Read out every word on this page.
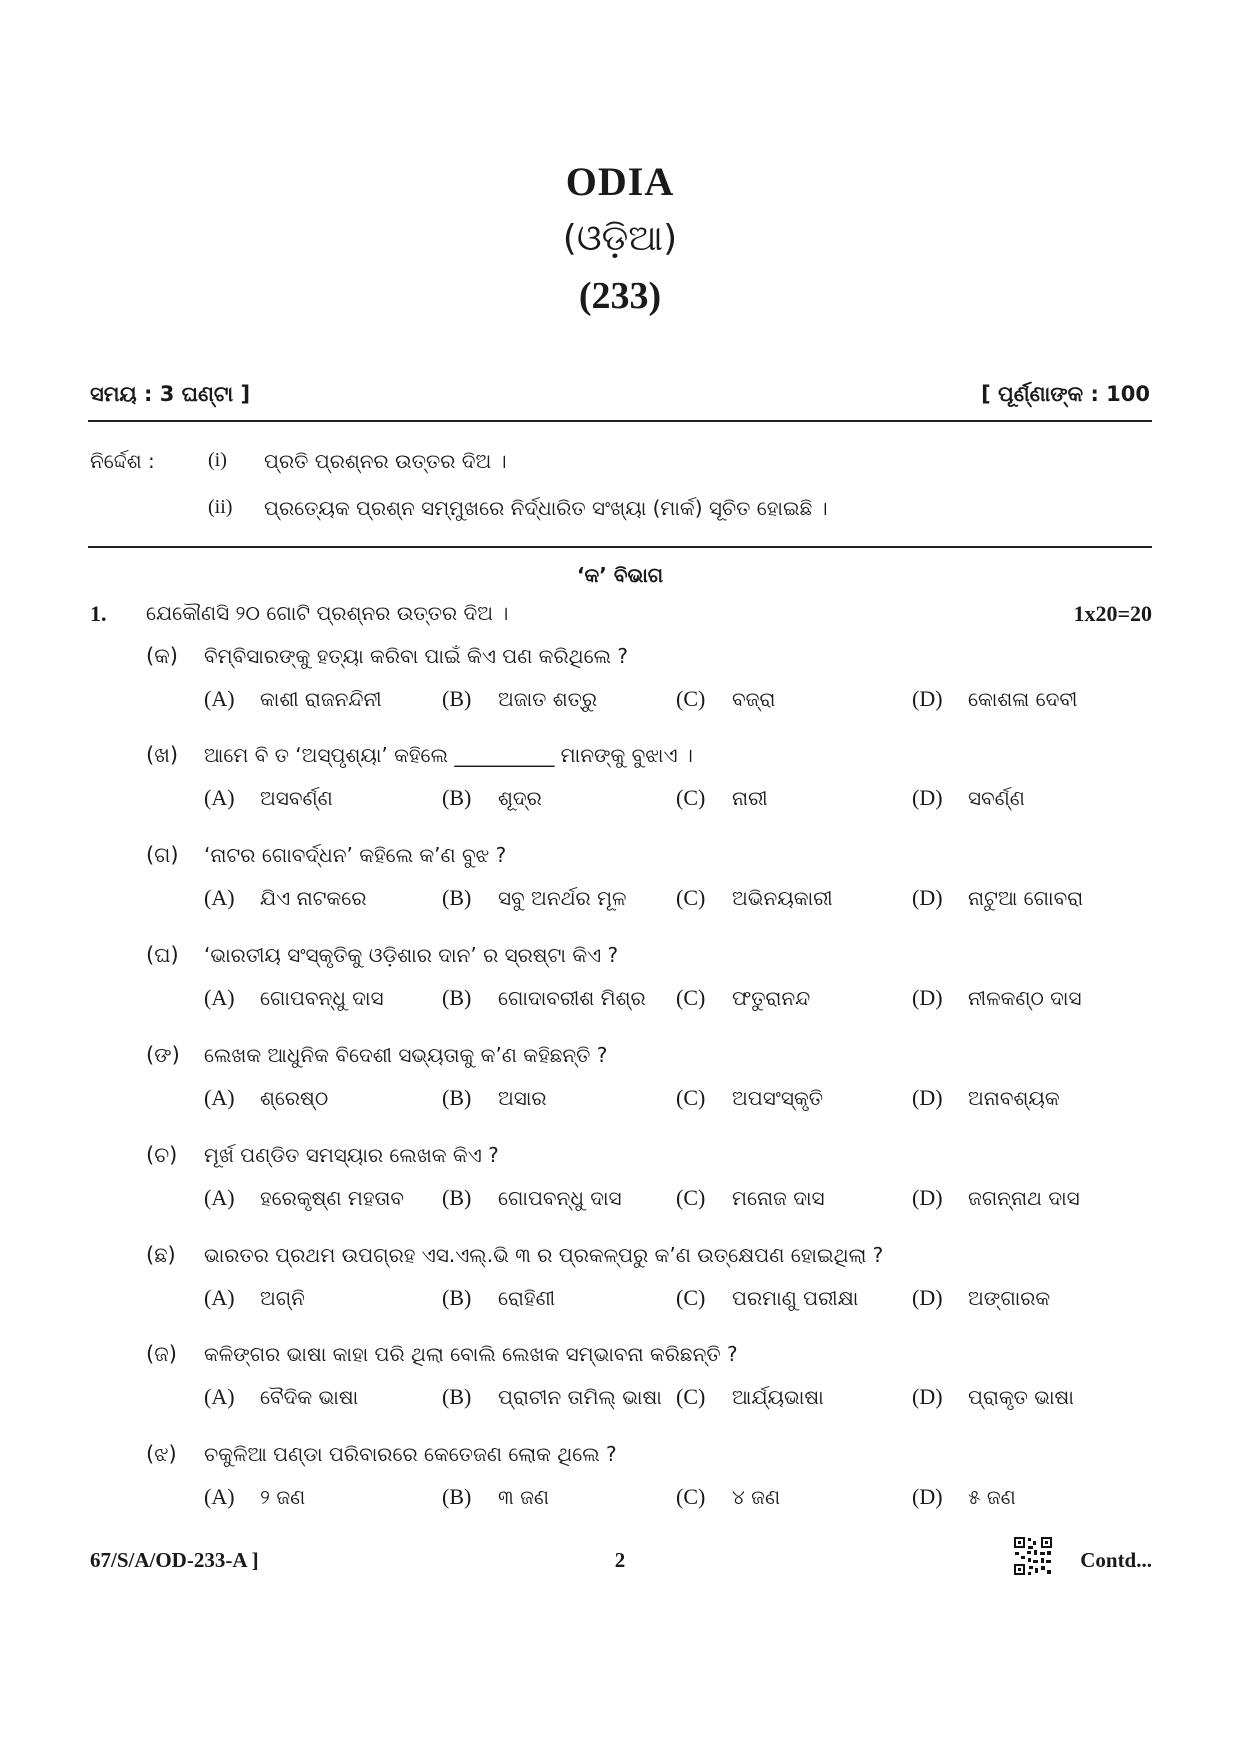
ODIA
(ଓଡ଼ିଆ)
(233)
ସମୟ : 3 ଘଣ୍ଟା ]	[ ପୂର୍ଣ୍ଣାଙ୍କ : 100
ନିର୍ଦ୍ଦେଶ :	(i) ପ୍ରତି ପ୍ରଶ୍ନର ଉତ୍ତର ଦିଅ ।
(ii) ପ୍ରତ୍ୟେକ ପ୍ରଶ୍ନ ସମ୍ମୁଖରେ ନିର୍ଦ୍ଧାରିତ ସଂଖ୍ୟା (ମାର୍କ) ସୂଚିତ ହୋଇଛି ।
‘କ’ ବିଭାଗ
1. ଯେକୌଣସି ୨୦ ଗୋଟି ପ୍ରଶ୍ନର ଉତ୍ତର ଦିଅ ।	1x20=20
(କ) ବିମ୍ବିସାରଙ୍କୁ ହତ୍ୟା କରିବା ପାଇଁ କିଏ ପଣ କରିଥିଲେ ?
(A) କାଶୀ ରାଜନନ୍ଦିନୀ	(B) ଅଜାତ ଶତ୍ରୁ	(C) ବଜ୍ରା	(D) କୋଶଳା ଦେବୀ
(ଖ) ଆମେ ବି ତ ‘ଅସ୍ପୃଶ୍ୟା’ କହିଲେ __________ ମାନଙ୍କୁ ବୁଝାଏ ।
(A) ଅସବର୍ଣ୍ଣ	(B) ଶୂଦ୍ର	(C) ନାରୀ	(D) ସବର୍ଣ୍ଣ
(ଗ) ‘ନାଟର ଗୋବର୍ଦ୍ଧନ’ କହିଲେ କ’ଣ ବୁଝ ?
(A) ଯିଏ ନାଟକରେ	(B) ସବୁ ଅନର୍ଥର ମୂଳ (C) ଅଭିନୟକାରୀ	(D) ନାଟୁଆ ଗୋବରା
(ଘ) ‘ଭାରତୀୟ ସଂସ୍କୃତିକୁ ଓଡ଼ିଶାର ଦାନ’ ର ସ୍ରଷ୍ଟା କିଏ ?
(A) ଗୋପବନ୍ଧୁ ଦାସ	(B) ଗୋଦାବରୀଶ ମିଶ୍ର (C) ଫତୁରାନନ୍ଦ	(D) ନୀଳକଣ୍ଠ ଦାସ
(ଙ) ଲେଖକ ଆଧୁନିକ ବିଦେଶୀ ସଭ୍ୟତାକୁ କ’ଣ କହିଛନ୍ତି ?
(A) ଶ୍ରେଷ୍ଠ	(B) ଅସାର	(C) ଅପସଂସ୍କୃତି	(D) ଅନାବଶ୍ୟକ
(ଚ) ମୂର୍ଖ ପଣ୍ଡିତ ସମସ୍ୟାର ଲେଖକ କିଏ ?
(A) ହରେକୃଷ୍ଣ ମହତାବ (B) ଗୋପବନ୍ଧୁ ଦାସ (C) ମନୋଜ ଦାସ	(D) ଜଗନ୍ନାଥ ଦାସ
(ଛ) ଭାରତର ପ୍ରଥମ ଉପଗ୍ରହ ଏସ.ଏଲ୍.ଭି ୩ ର ପ୍ରକଳ୍ପରୁ କ’ଣ ଉତ୍କ୍ଷେପଣ ହୋଇଥିଲା ?
(A) ଅଗ୍ନି	(B) ରୋହିଣୀ	(C) ପରମାଣୁ ପରୀକ୍ଷା (D) ଅଙ୍ଗାରକ
(ଜ) କଳିଙ୍ଗର ଭାଷା କାହା ପରି ଥିଲା ବୋଲି ଲେଖକ ସମ୍ଭାବନା କରିଛନ୍ତି ?
(A) ବୈଦିକ ଭାଷା	(B) ପ୍ରାଚୀନ ତାମିଲ୍ ଭାଷା (C) ଆର୍ଯ୍ୟଭାଷା	(D) ପ୍ରାକୃତ ଭାଷା
(ଝ) ଚକୁଳିଆ ପଣ୍ଡା ପରିବାରରେ କେତେଜଣ ଲୋକ ଥିଲେ ?
(A) ୨ ଜଣ	(B) ୩ ଜଣ	(C) ୪ ଜଣ	(D) ୫ ଜଣ
67/S/A/OD-233-A ]	2	Contd...
